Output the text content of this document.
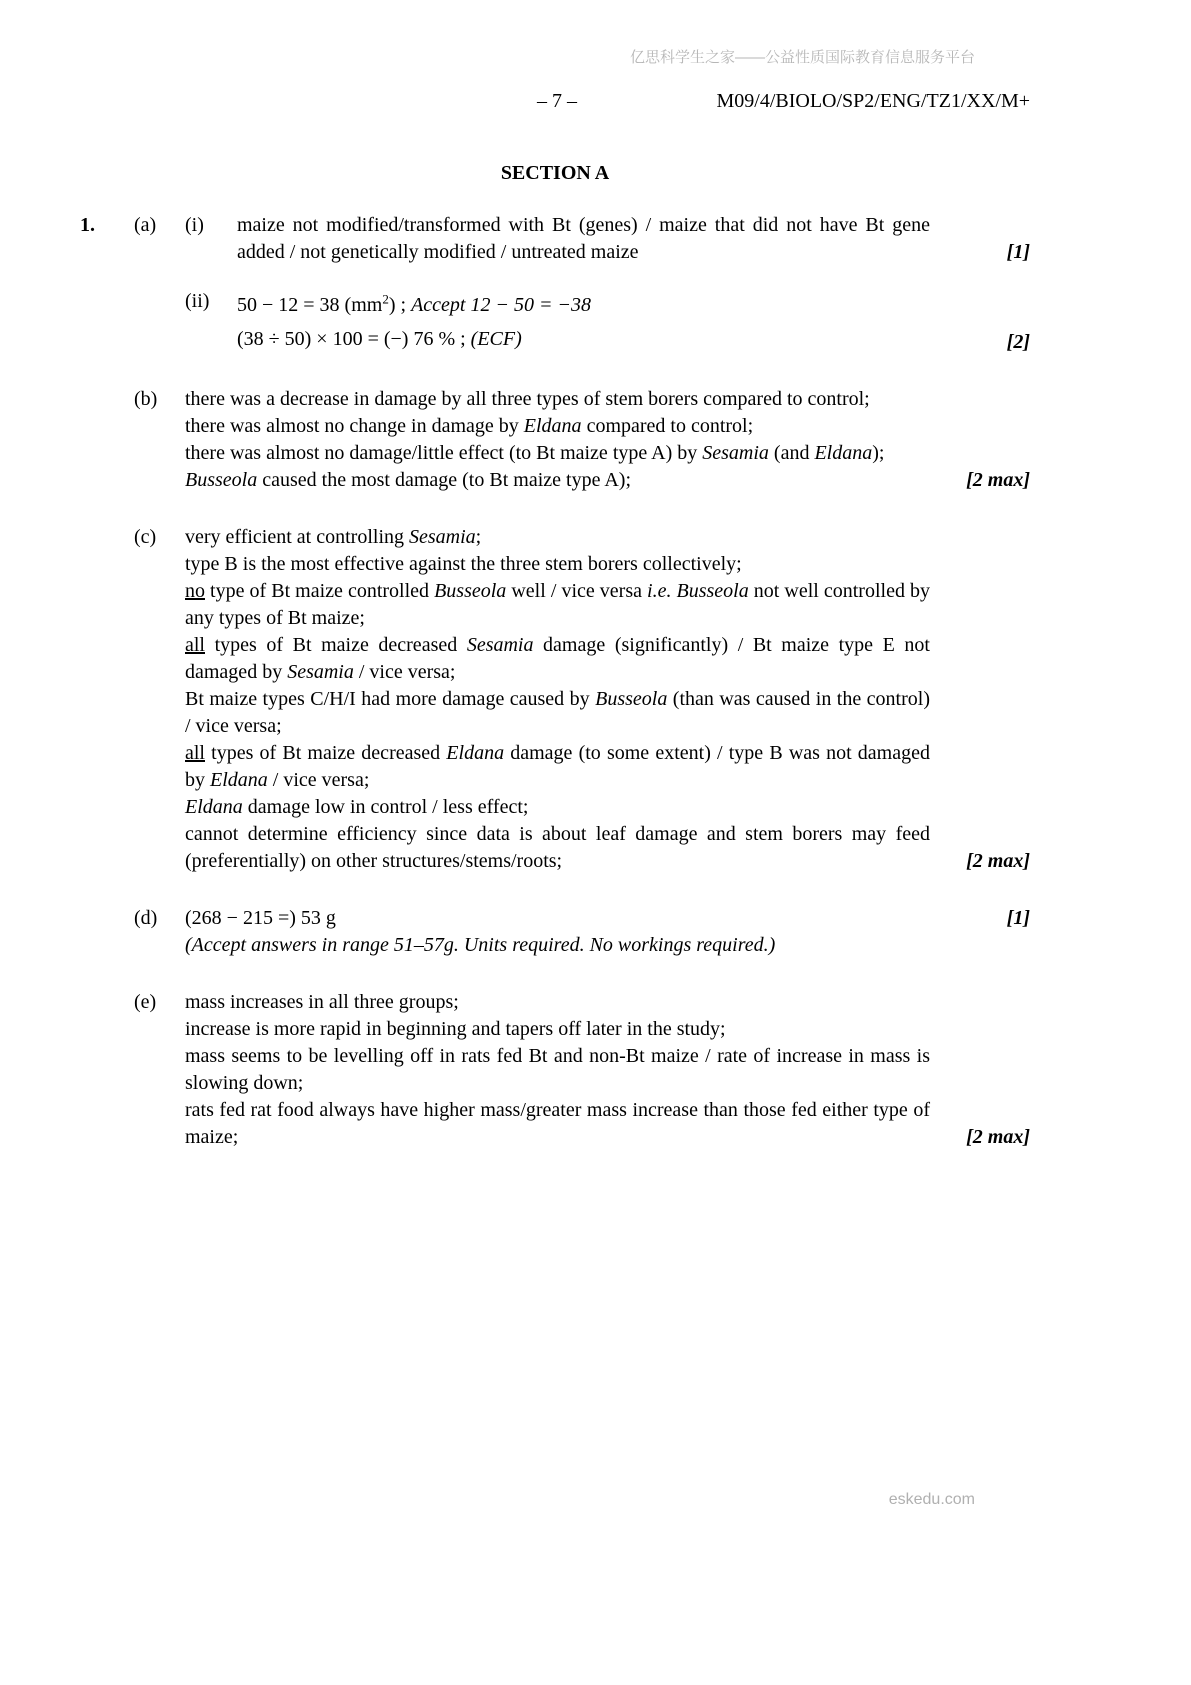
亿思科学生之家——公益性质国际教育信息服务平台
– 7 –	M09/4/BIOLO/SP2/ENG/TZ1/XX/M+
SECTION A
1.	(a)	(i)	maize not modified/transformed with Bt (genes) / maize that did not have Bt gene added / not genetically modified / untreated maize	[1]
(ii)	50 − 12 = 38 $(mm^2)$ ; Accept 12 − 50 = −38
(38 ÷ 50) × 100 = (−) 76 % ; (ECF)	[2]
(b)	there was a decrease in damage by all three types of stem borers compared to control;
there was almost no change in damage by Eldana compared to control;
there was almost no damage/little effect (to Bt maize type A) by Sesamia (and Eldana);
Busseola caused the most damage (to Bt maize type A);	[2 max]
(c)	very efficient at controlling Sesamia;
type B is the most effective against the three stem borers collectively;
no type of Bt maize controlled Busseola well / vice versa i.e. Busseola not well controlled by any types of Bt maize;
all types of Bt maize decreased Sesamia damage (significantly) / Bt maize type E not damaged by Sesamia / vice versa;
Bt maize types C/H/I had more damage caused by Busseola (than was caused in the control) / vice versa;
all types of Bt maize decreased Eldana damage (to some extent) / type B was not damaged by Eldana / vice versa;
Eldana damage low in control / less effect;
cannot determine efficiency since data is about leaf damage and stem borers may feed (preferentially) on other structures/stems/roots;	[2 max]
(d)	(268 − 215 =) 53 g	[1]
(Accept answers in range 51–57g. Units required. No workings required.)
(e)	mass increases in all three groups;
increase is more rapid in beginning and tapers off later in the study;
mass seems to be levelling off in rats fed Bt and non-Bt maize / rate of increase in mass is slowing down;
rats fed rat food always have higher mass/greater mass increase than those fed either type of maize;	[2 max]
eskedu.com
